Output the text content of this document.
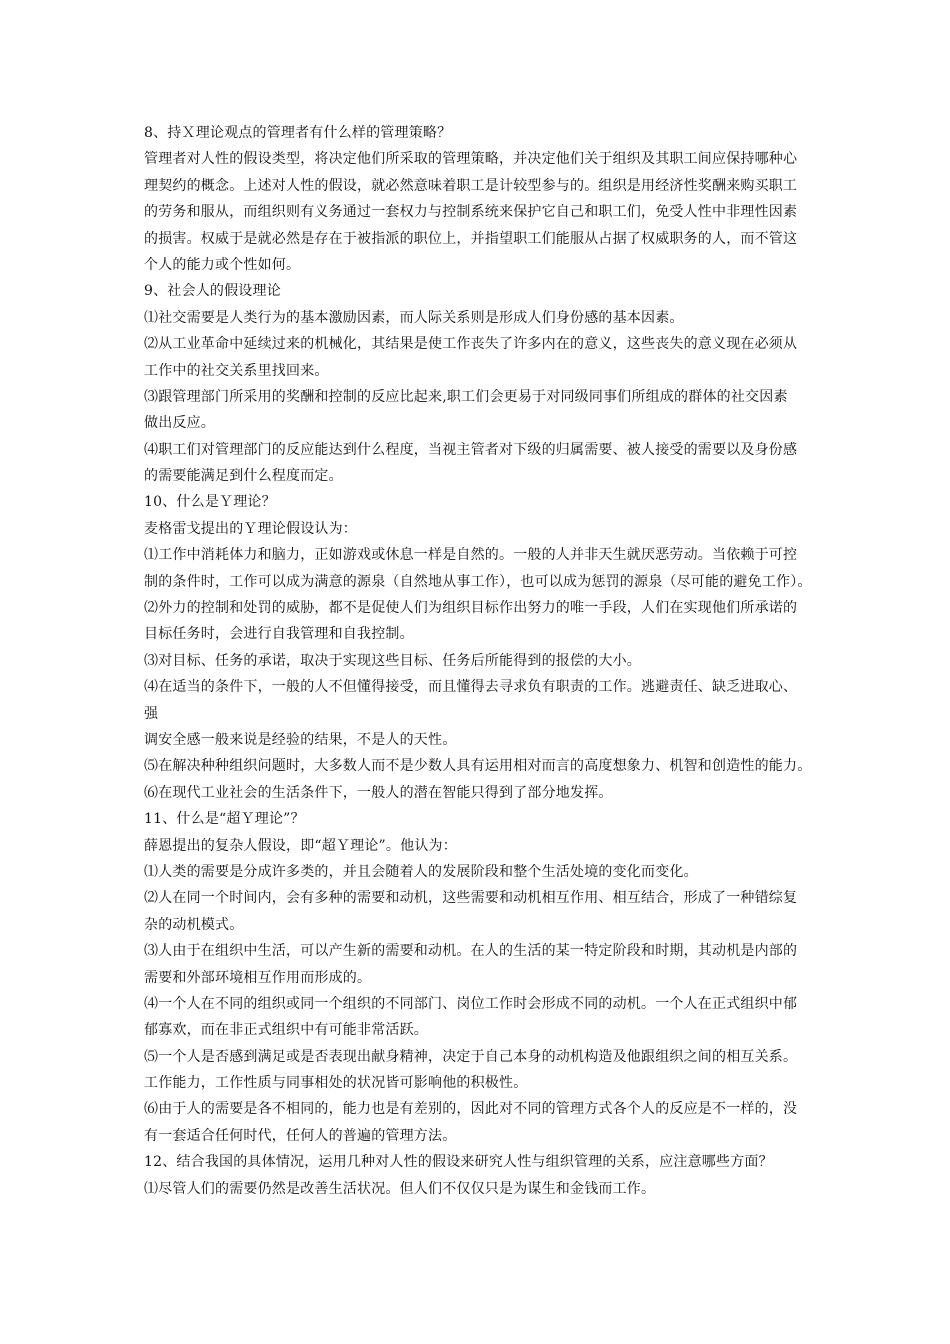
8、持Ｘ理论观点的管理者有什么样的管理策略？
管理者对人性的假设类型，将决定他们所采取的管理策略，并决定他们关于组织及其职工间应保持哪种心
理契约的概念。上述对人性的假设，就必然意味着职工是计较型参与的。组织是用经济性奖酬来购买职工
的劳务和服从，而组织则有义务通过一套权力与控制系统来保护它自己和职工们，免受人性中非理性因素
的损害。权威于是就必然是存在于被指派的职位上，并指望职工们能服从占据了权威职务的人，而不管这
个人的能力或个性如何。
9、社会人的假设理论
⑴社交需要是人类行为的基本激励因素，而人际关系则是形成人们身份感的基本因素。
⑵从工业革命中延续过来的机械化，其结果是使工作丧失了许多内在的意义，这些丧失的意义现在必须从
工作中的社交关系里找回来。
⑶跟管理部门所采用的奖酬和控制的反应比起来,职工们会更易于对同级同事们所组成的群体的社交因素
做出反应。
⑷职工们对管理部门的反应能达到什么程度，当视主管者对下级的归属需要、被人接受的需要以及身份感
的需要能满足到什么程度而定。
10、什么是Ｙ理论？
麦格雷戈提出的Ｙ理论假设认为：
⑴工作中消耗体力和脑力，正如游戏或休息一样是自然的。一般的人并非天生就厌恶劳动。当依赖于可控
制的条件时，工作可以成为满意的源泉（自然地从事工作），也可以成为惩罚的源泉（尽可能的避免工作）。
⑵外力的控制和处罚的威胁，都不是促使人们为组织目标作出努力的唯一手段，人们在实现他们所承诺的
目标任务时，会进行自我管理和自我控制。
⑶对目标、任务的承诺，取决于实现这些目标、任务后所能得到的报偿的大小。
⑷在适当的条件下，一般的人不但懂得接受，而且懂得去寻求负有职责的工作。逃避责任、缺乏进取心、
强
调安全感一般来说是经验的结果，不是人的天性。
⑸在解决种种组织问题时，大多数人而不是少数人具有运用相对而言的高度想象力、机智和创造性的能力。
⑹在现代工业社会的生活条件下，一般人的潜在智能只得到了部分地发挥。
11、什么是“超Ｙ理论”？
薛恩提出的复杂人假设，即“超Ｙ理论”。他认为：
⑴人类的需要是分成许多类的，并且会随着人的发展阶段和整个生活处境的变化而变化。
⑵人在同一个时间内，会有多种的需要和动机，这些需要和动机相互作用、相互结合，形成了一种错综复
杂的动机模式。
⑶人由于在组织中生活，可以产生新的需要和动机。在人的生活的某一特定阶段和时期，其动机是内部的
需要和外部环境相互作用而形成的。
⑷一个人在不同的组织或同一个组织的不同部门、岗位工作时会形成不同的动机。一个人在正式组织中郁
郁寡欢，而在非正式组织中有可能非常活跃。
⑸一个人是否感到满足或是否表现出献身精神，决定于自己本身的动机构造及他跟组织之间的相互关系。
工作能力，工作性质与同事相处的状况皆可影响他的积极性。
⑹由于人的需要是各不相同的，能力也是有差别的，因此对不同的管理方式各个人的反应是不一样的，没
有一套适合任何时代，任何人的普遍的管理方法。
12、结合我国的具体情况，运用几种对人性的假设来研究人性与组织管理的关系，应注意哪些方面？
⑴尽管人们的需要仍然是改善生活状况。但人们不仅仅只是为谋生和金钱而工作。
